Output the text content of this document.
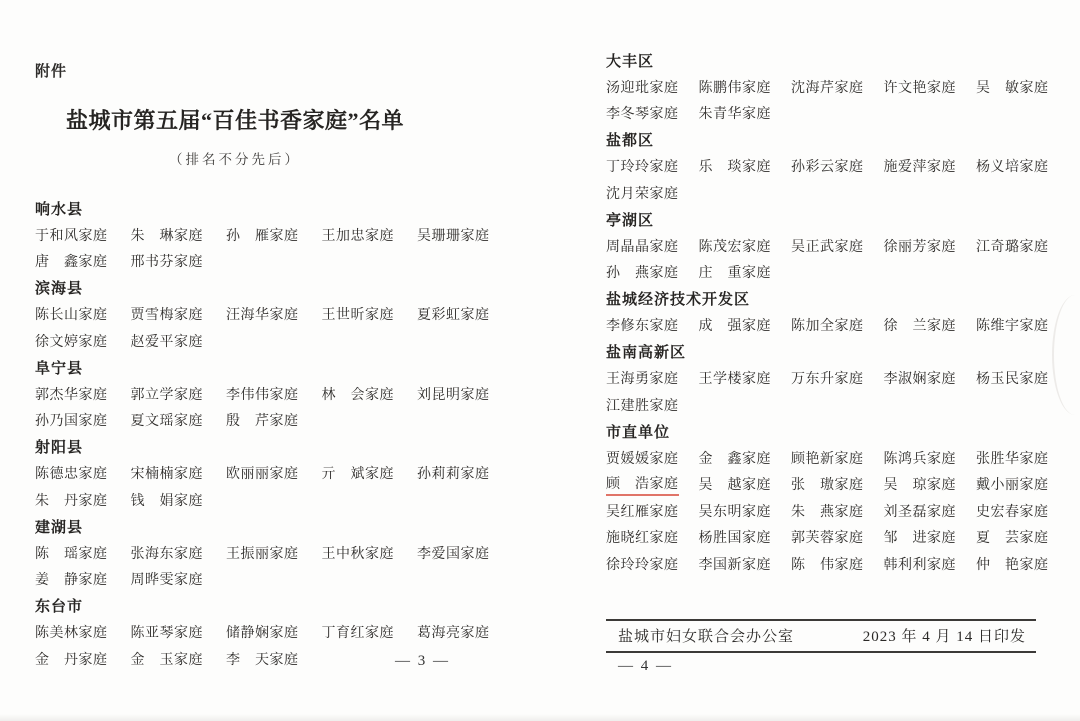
附件
盐城市第五届“百佳书香家庭”名单
（排名不分先后）
响水县
于和风家庭 朱　琳家庭 孙　雁家庭 王加忠家庭 吴珊珊家庭
唐　鑫家庭 邢书芬家庭
滨海县
陈长山家庭 贾雪梅家庭 汪海华家庭 王世昕家庭 夏彩虹家庭
徐文婷家庭 赵爱平家庭
阜宁县
郭杰华家庭 郭立学家庭 李伟伟家庭 林　会家庭 刘昆明家庭
孙乃国家庭 夏文瑶家庭 殷　芹家庭
射阳县
陈德忠家庭 宋楠楠家庭 欧丽丽家庭 亓　斌家庭 孙莉莉家庭
朱　丹家庭 钱　娟家庭
建湖县
陈　瑶家庭 张海东家庭 王振丽家庭 王中秋家庭 李爱国家庭
姜　静家庭 周晔雯家庭
东台市
陈美林家庭 陈亚琴家庭 储静娴家庭 丁育红家庭 葛海亮家庭
金　丹家庭 金　玉家庭 李　天家庭	— 3 —
大丰区
汤迎玭家庭 陈鹏伟家庭 沈海芹家庭 许文艳家庭 吴　敏家庭
李冬琴家庭 朱青华家庭
盐都区
丁玲玲家庭 乐　琰家庭 孙彩云家庭 施爱萍家庭 杨义培家庭
沈月荣家庭
亭湖区
周晶晶家庭 陈茂宏家庭 吴正武家庭 徐丽芳家庭 江奇璐家庭
孙　燕家庭 庄　重家庭
盐城经济技术开发区
李修东家庭 成　强家庭 陈加全家庭 徐　兰家庭 陈维宇家庭
盐南高新区
王海勇家庭 王学楼家庭 万东升家庭 李淑娴家庭 杨玉民家庭
江建胜家庭
市直单位
贾媛媛家庭 金　鑫家庭 顾艳新家庭 陈鸿兵家庭 张胜华家庭
顾　浩家庭 吴　越家庭 张　璈家庭 吴　琼家庭 戴小丽家庭
吴红雁家庭 吴东明家庭 朱　燕家庭 刘圣磊家庭 史宏春家庭
施晓红家庭 杨胜国家庭 郭芙蓉家庭 邹　进家庭 夏　芸家庭
徐玲玲家庭 李国新家庭 陈　伟家庭 韩利利家庭 仲　艳家庭
盐城市妇女联合会办公室	2023 年 4 月 14 日印发
— 4 —
